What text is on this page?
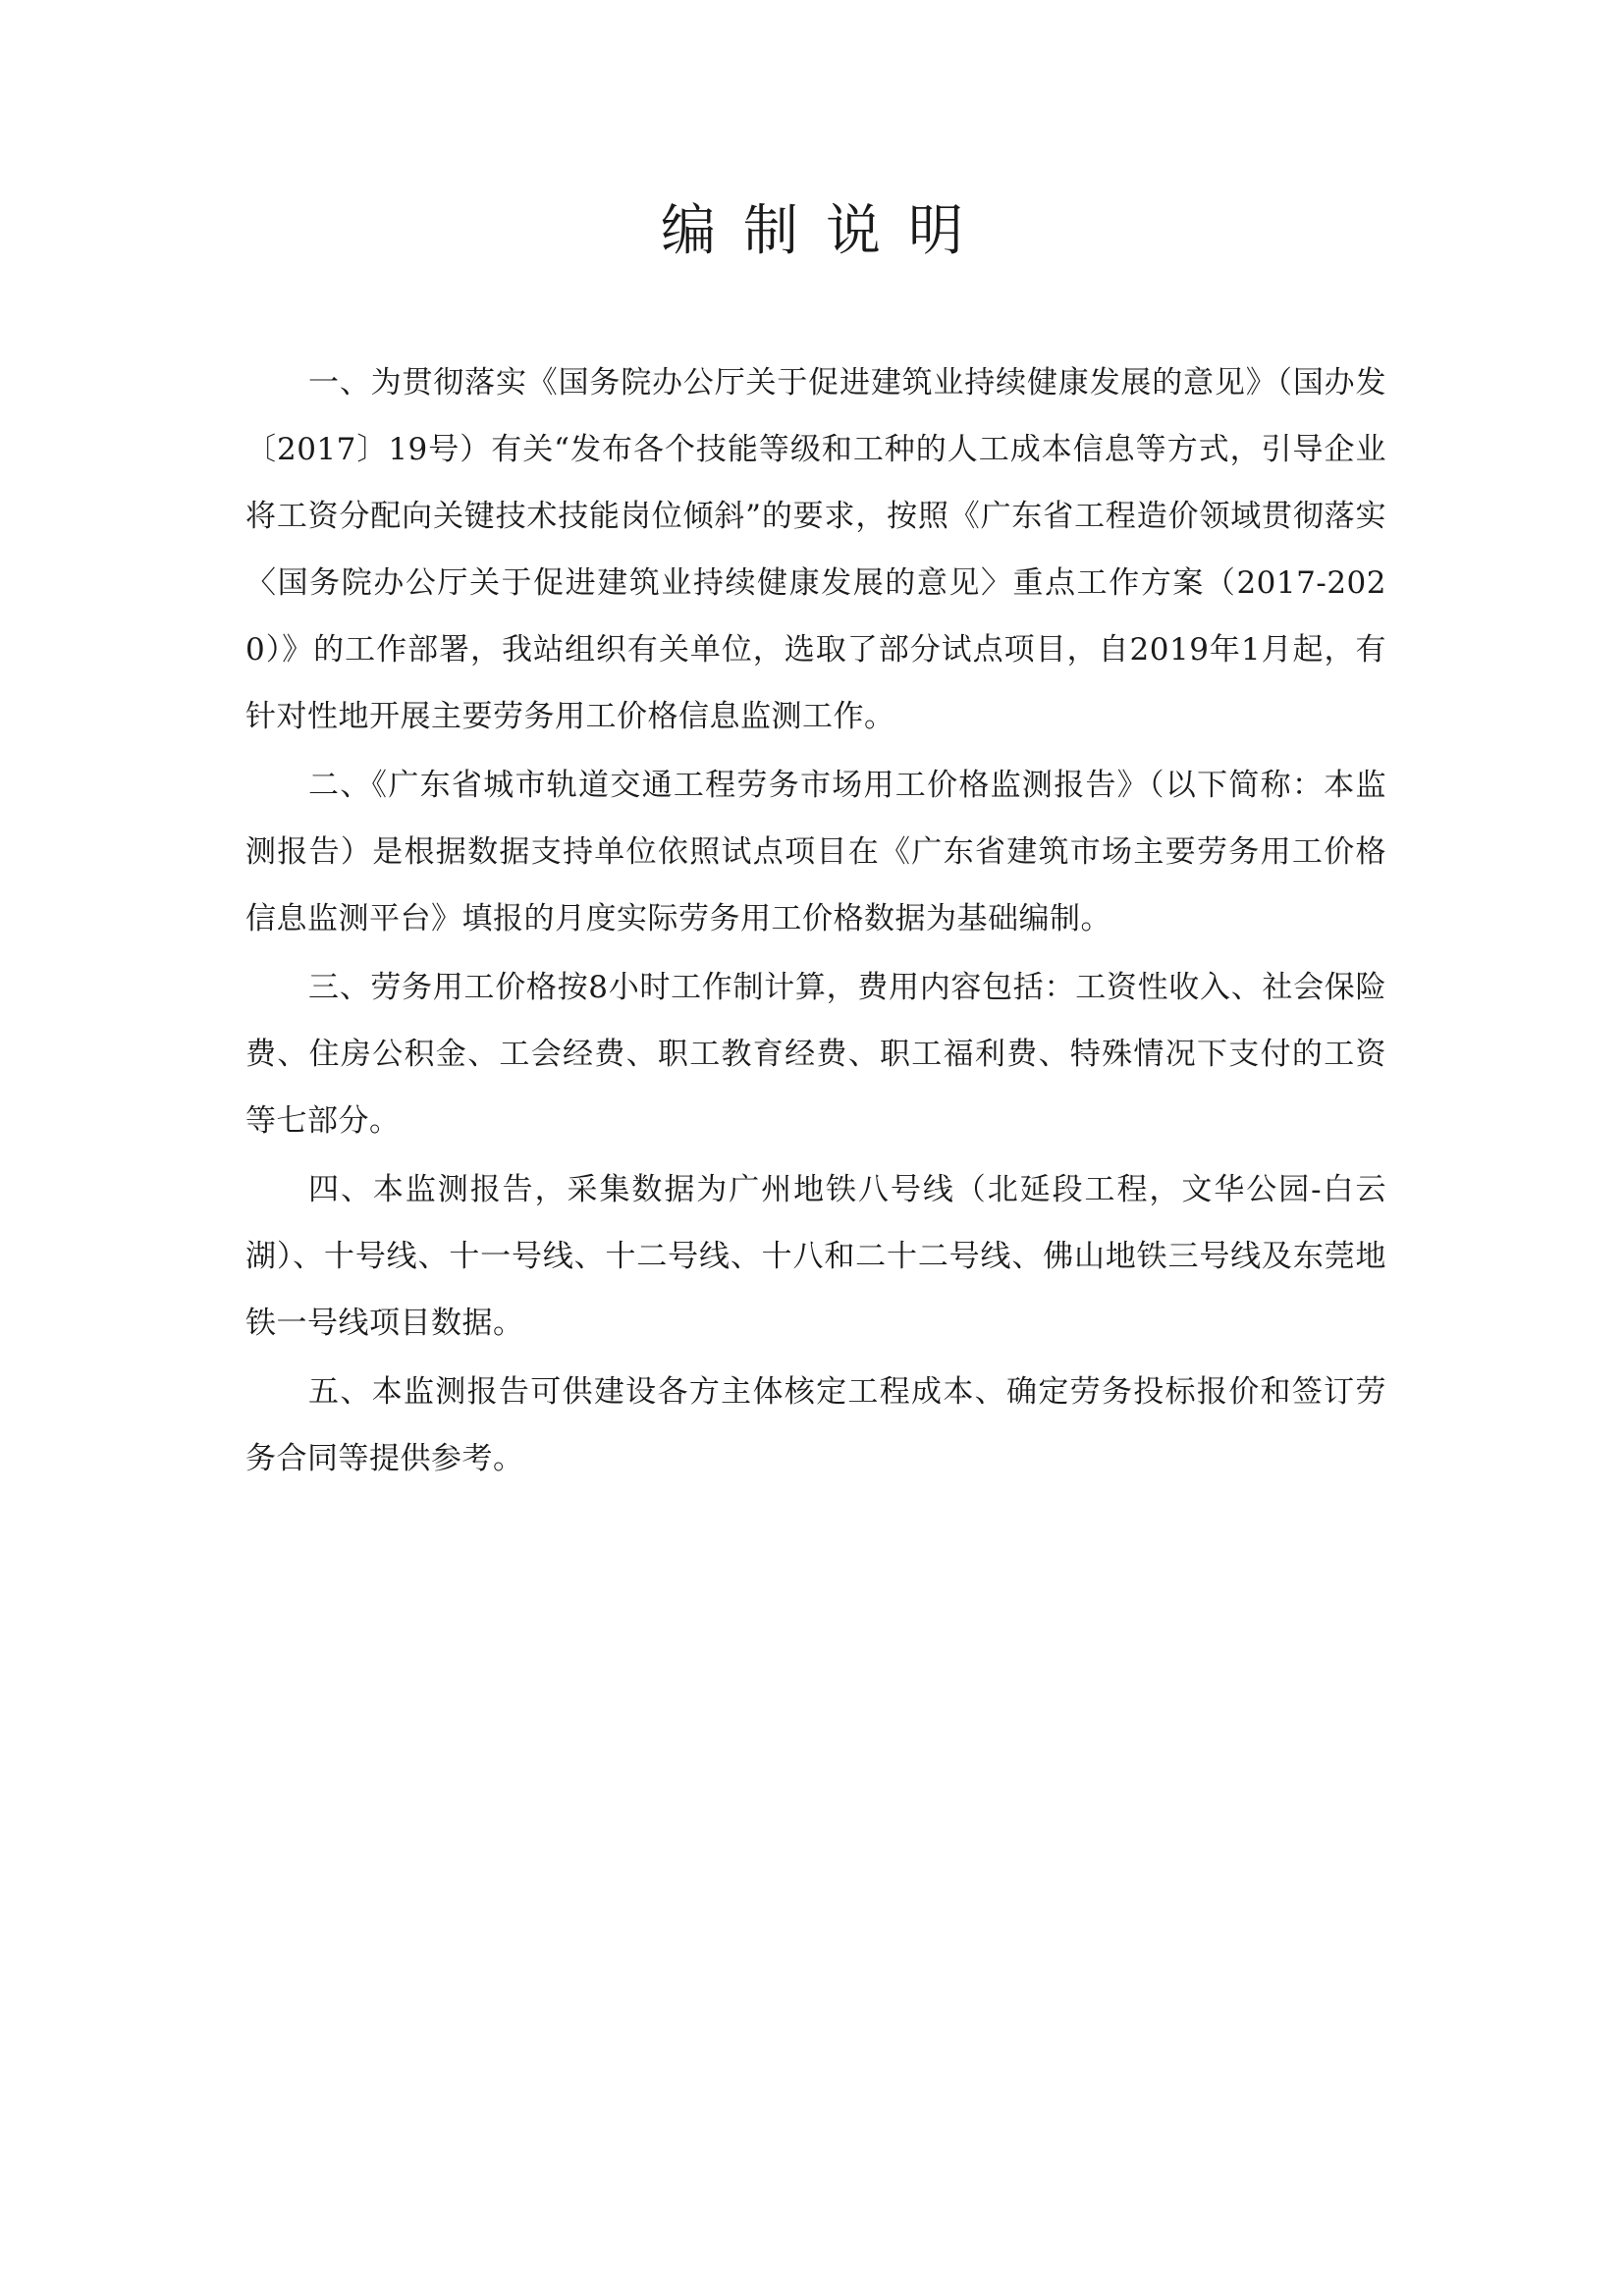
编制说明

一、为贯彻落实《国务院办公厅关于促进建筑业持续健康发展的意见》（国办发〔2017〕19号）有关“发布各个技能等级和工种的人工成本信息等方式，引导企业将工资分配向关键技术技能岗位倾斜”的要求，按照《广东省工程造价领域贯彻落实〈国务院办公厅关于促进建筑业持续健康发展的意见〉重点工作方案（2017-2020）》的工作部署，我站组织有关单位，选取了部分试点项目，自2019年1月起，有针对性地开展主要劳务用工价格信息监测工作。

二、《广东省城市轨道交通工程劳务市场用工价格监测报告》（以下简称：本监测报告）是根据数据支持单位依照试点项目在《广东省建筑市场主要劳务用工价格信息监测平台》填报的月度实际劳务用工价格数据为基础编制。

三、劳务用工价格按8小时工作制计算，费用内容包括：工资性收入、社会保险费、住房公积金、工会经费、职工教育经费、职工福利费、特殊情况下支付的工资等七部分。

四、本监测报告，采集数据为广州地铁八号线（北延段工程，文华公园-白云湖）、十号线、十一号线、十二号线、十八和二十二号线、佛山地铁三号线及东莞地铁一号线项目数据。

五、本监测报告可供建设各方主体核定工程成本、确定劳务投标报价和签订劳务合同等提供参考。
